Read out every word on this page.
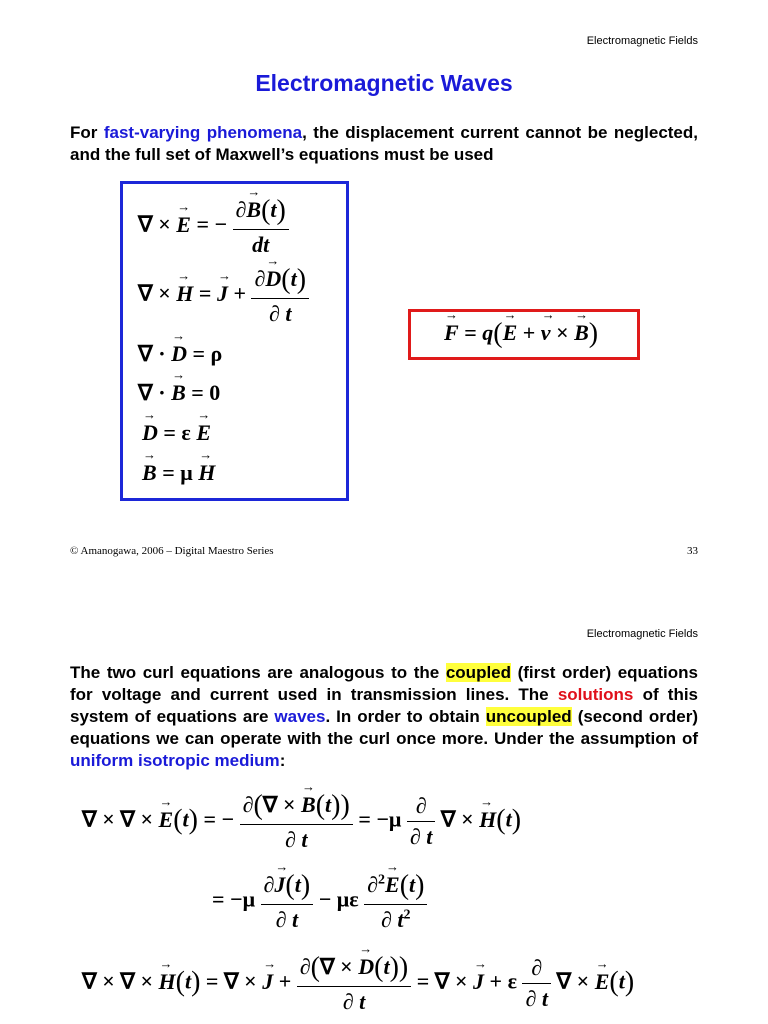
Electromagnetic Fields
Electromagnetic Waves
For fast-varying phenomena, the displacement current cannot be neglected, and the full set of Maxwell’s equations must be used
∇ × → E = − $\frac{\partial\to B(t)}{dt}$
∇ × → H = → $J + \frac{\partial\to D(t)}{\partial t}$
∇ · → D = ρ
∇ · → B = 0
→ D = ε → E
→ B = μ → H
→ F = q(→ E + → v × → B)
© Amanogawa, 2006 – Digital Maestro Series	33
Electromagnetic Fields
The two curl equations are analogous to the coupled (first order) equations for voltage and current used in transmission lines. The solutions of this system of equations are waves. In order to obtain uncoupled (second order) equations we can operate with the curl once more. Under the assumption of uniform isotropic medium:
∇ × ∇ × → E(t) = − $\frac{\partial(\nabla \times \to B(t))}{\partial t} = -\mu \frac{\partial}{\partial t}$ ∇ × → H(t)
= $-\mu \frac{\partial\to J(t)}{\partial t} - \mu\varepsilon \frac{\partial^2\to E(t)}{\partial t^2}$
∇ × ∇ × → H(t) = ∇ × → $J + \frac{\partial(\nabla \times \to D(t))}{\partial t}$ = ∇ × → J + ε $\frac{\partial}{\partial t}$ ∇ × → E(t)
